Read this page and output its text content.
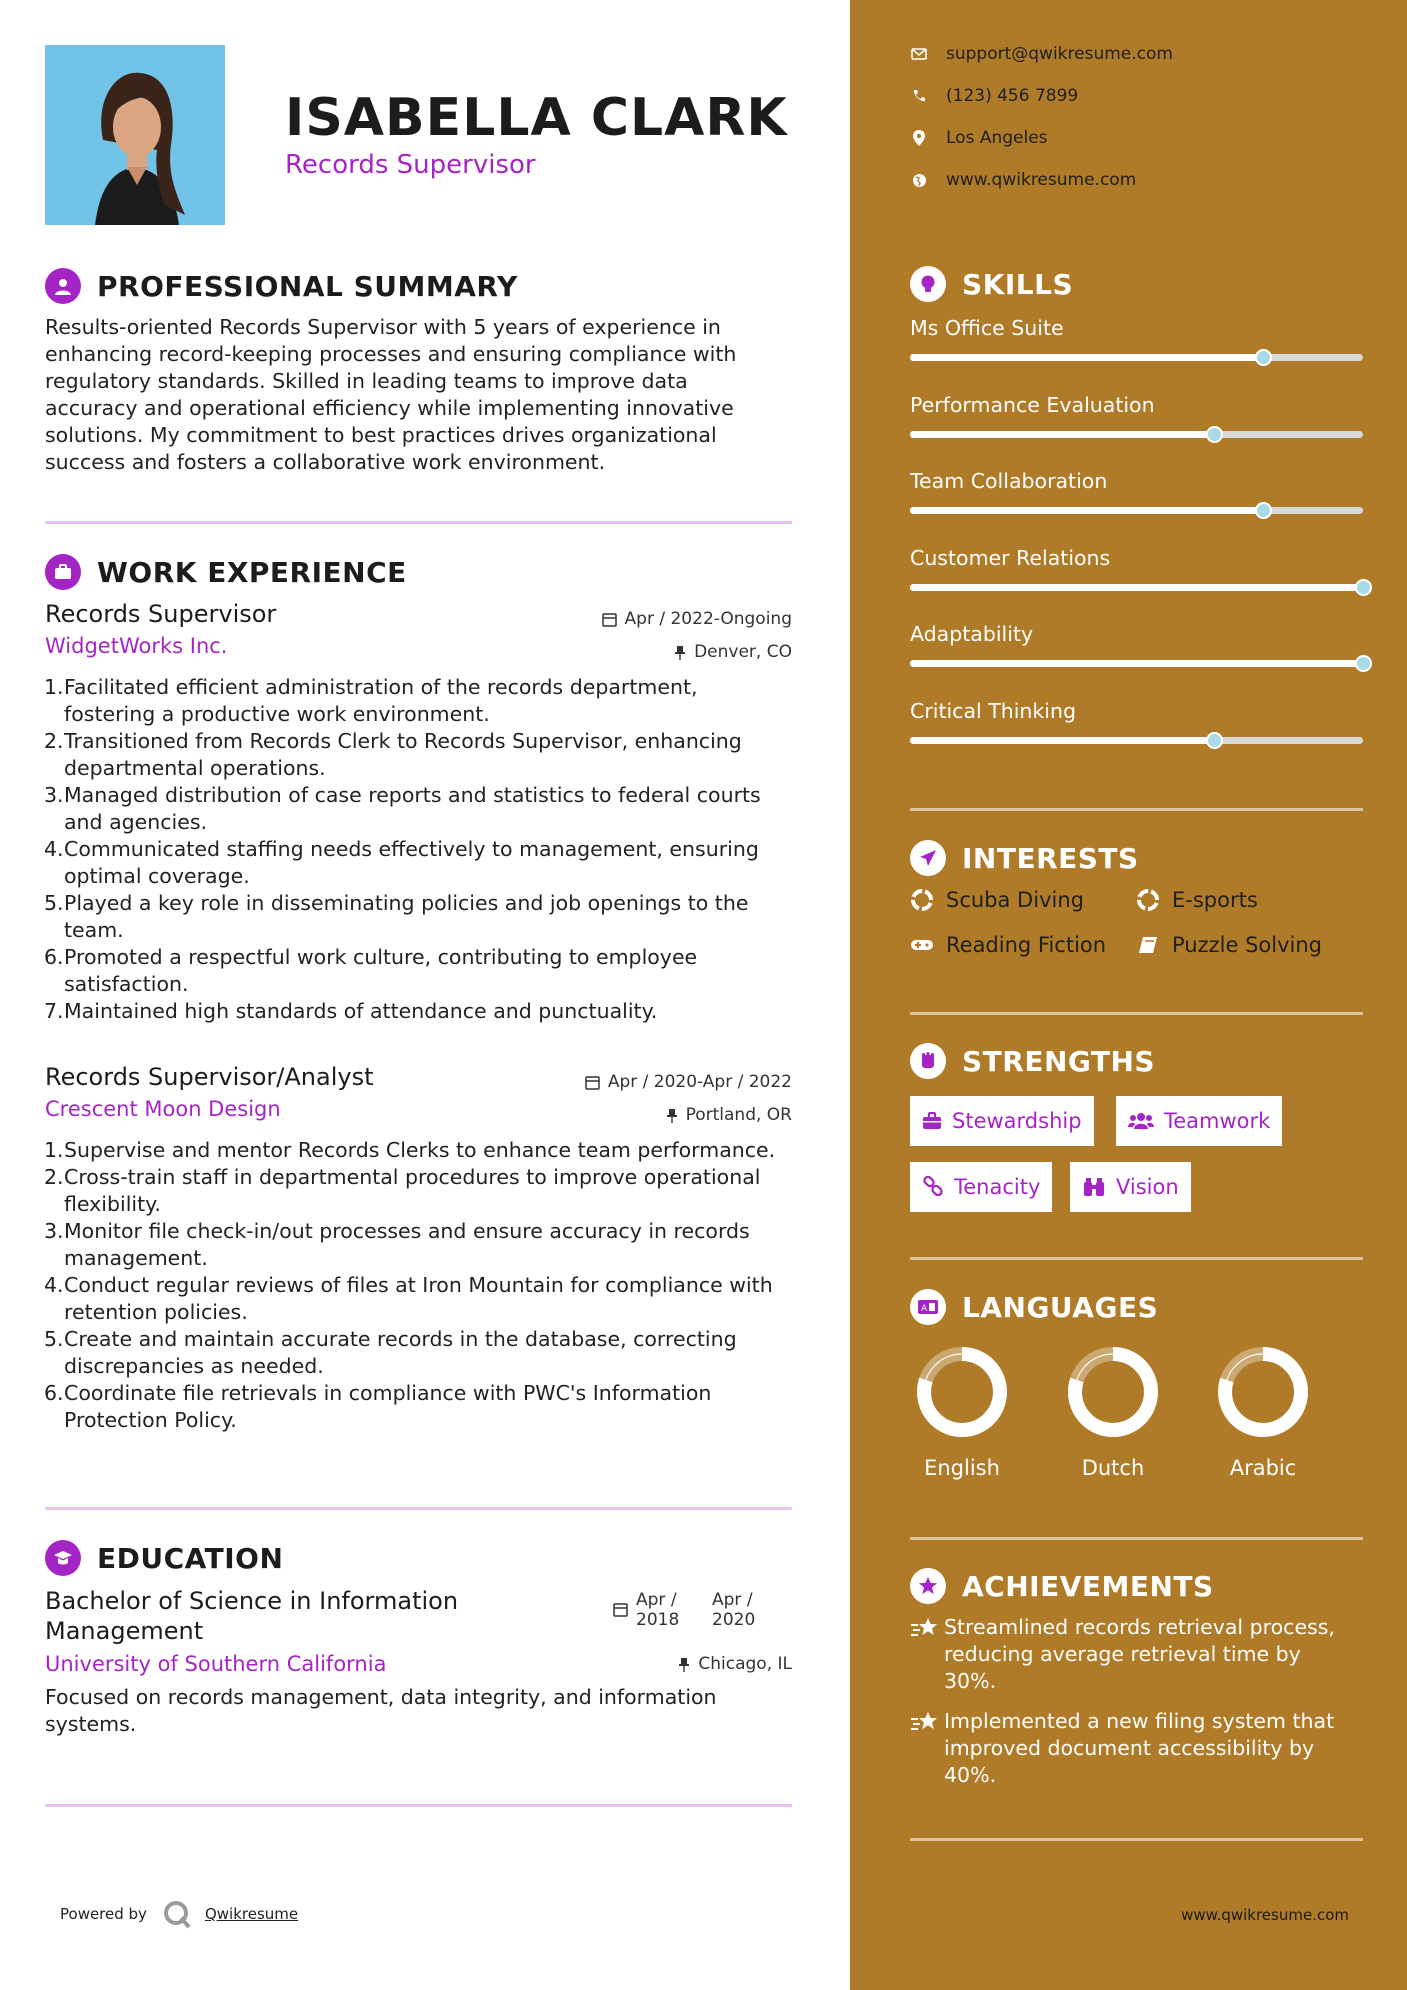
ISABELLA CLARK
Records Supervisor
PROFESSIONAL SUMMARY
Results-oriented Records Supervisor with 5 years of experience in
enhancing record-keeping processes and ensuring compliance with
regulatory standards. Skilled in leading teams to improve data
accuracy and operational efficiency while implementing innovative
solutions. My commitment to best practices drives organizational
success and fosters a collaborative work environment.
WORK EXPERIENCE
Records Supervisor
WidgetWorks Inc.
Apr / 2022-Ongoing
Denver, CO
1. Facilitated efficient administration of the records department,
fostering a productive work environment.
2. Transitioned from Records Clerk to Records Supervisor, enhancing
departmental operations.
3. Managed distribution of case reports and statistics to federal courts
and agencies.
4. Communicated staffing needs effectively to management, ensuring
optimal coverage.
5. Played a key role in disseminating policies and job openings to the
team.
6. Promoted a respectful work culture, contributing to employee
satisfaction.
7. Maintained high standards of attendance and punctuality.
Records Supervisor/Analyst
Crescent Moon Design
Apr / 2020-Apr / 2022
Portland, OR
1. Supervise and mentor Records Clerks to enhance team performance.
2. Cross-train staff in departmental procedures to improve operational
flexibility.
3. Monitor file check-in/out processes and ensure accuracy in records
management.
4. Conduct regular reviews of files at Iron Mountain for compliance with
retention policies.
5. Create and maintain accurate records in the database, correcting
discrepancies as needed.
6. Coordinate file retrievals in compliance with PWC's Information
Protection Policy.
EDUCATION
Bachelor of Science in Information
Management
University of Southern California
Apr /
2018
Apr /
2020
Chicago, IL
Focused on records management, data integrity, and information
systems.
Powered by	Qwikresume
support@qwikresume.com
(123) 456 7899
Los Angeles
www.qwikresume.com
SKILLS
Ms Office Suite
Performance Evaluation
Team Collaboration
Customer Relations
Adaptability
Critical Thinking
INTERESTS
Scuba Diving	E-sports
Reading Fiction	Puzzle Solving
STRENGTHS
Stewardship	Teamwork
Tenacity	Vision
A LANGUAGES
English	Dutch	Arabic
ACHIEVEMENTS
Streamlined records retrieval process,
reducing average retrieval time by
30%.
Implemented a new filing system that
improved document accessibility by
40%.
www.qwikresume.com
